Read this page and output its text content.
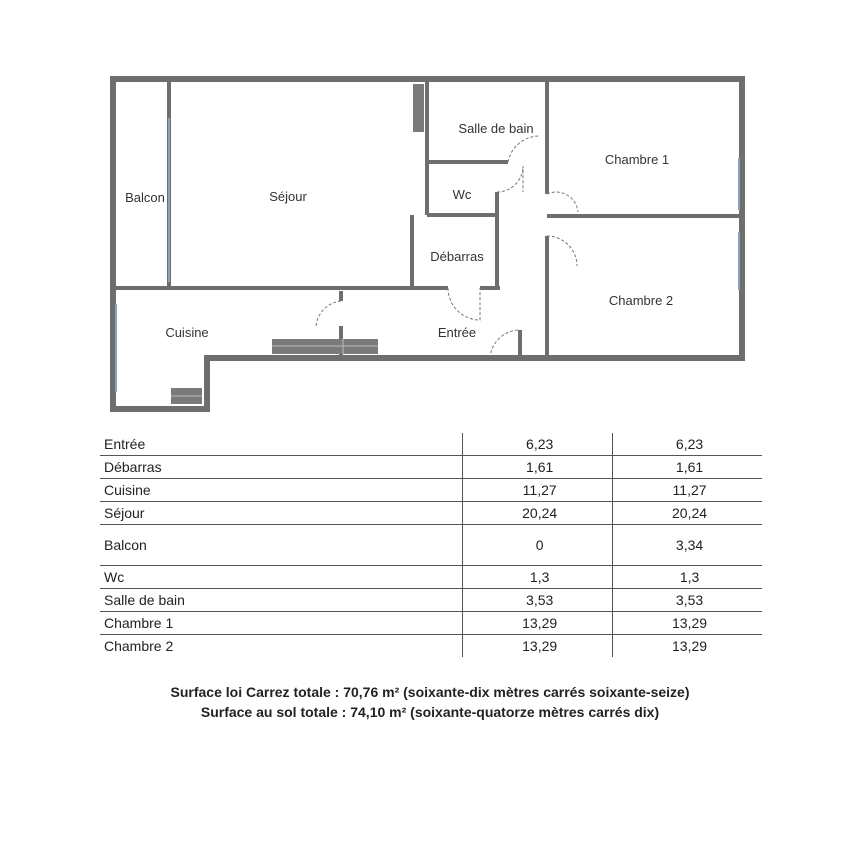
Salle de bain
Chambre 1
Balcon	Séjour	Wc
Débarras
Chambre 2
Cuisine	Entrée
Entrée	6,23	6,23
Débarras	1,61	1,61
Cuisine	11,27	11,27
Séjour	20,24	20,24
Balcon	0	3,34
Wc	1,3	1,3
Salle de bain	3,53	3,53
Chambre 1	13,29	13,29
Chambre 2	13,29	13,29
Surface loi Carrez totale : 70,76 m² (soixante-dix mètres carrés soixante-seize)
Surface au sol totale : 74,10 m² (soixante-quatorze mètres carrés dix)
